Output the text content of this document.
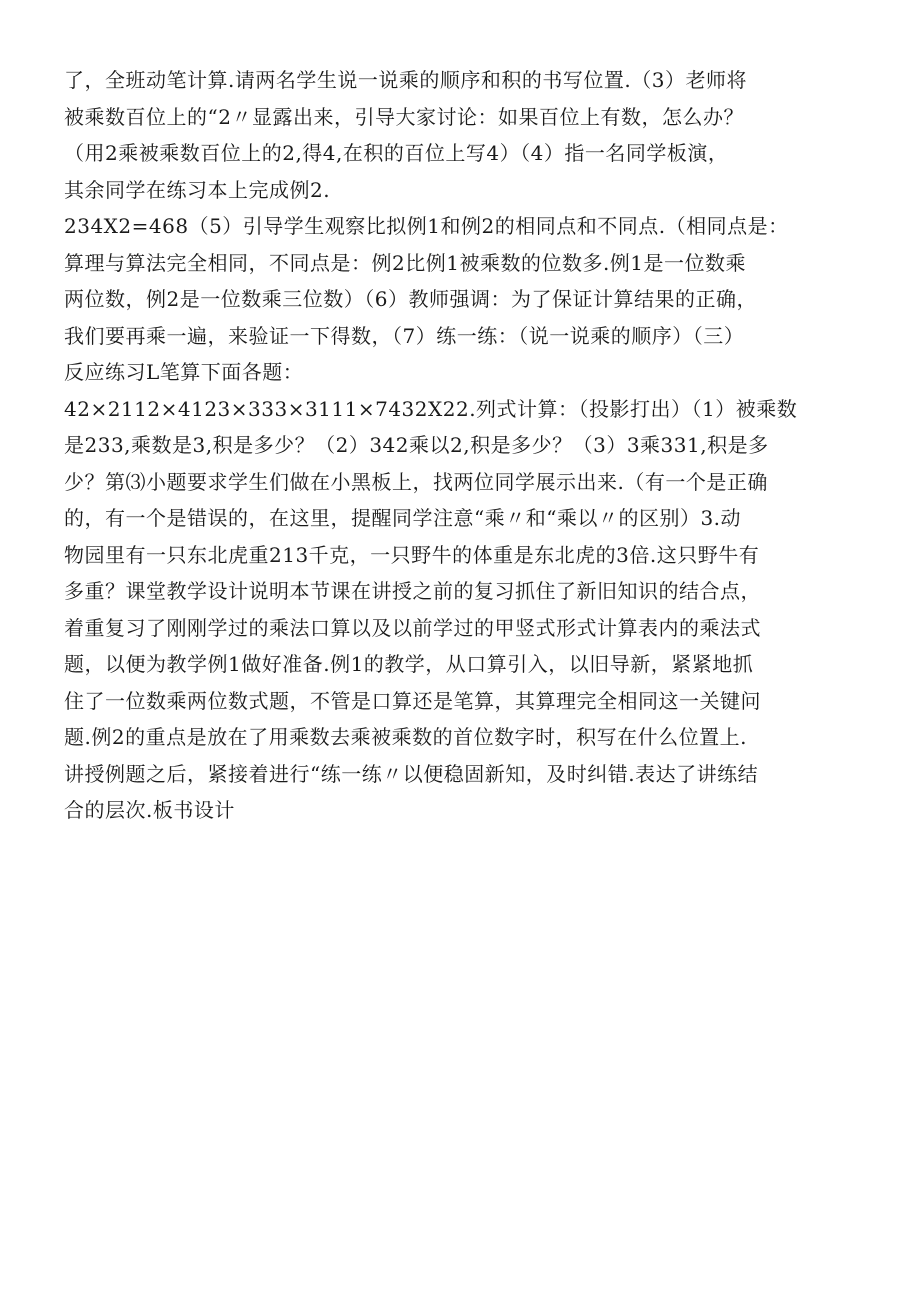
了，全班动笔计算.请两名学生说一说乘的顺序和积的书写位置.（3）老师将
被乘数百位上的“2〃显露出来，引导大家讨论：如果百位上有数，怎么办？
（用2乘被乘数百位上的2,得4,在积的百位上写4）（4）指一名同学板演，
其余同学在练习本上完成例2.
234X2=468（5）引导学生观察比拟例1和例2的相同点和不同点.（相同点是：
算理与算法完全相同，不同点是：例2比例1被乘数的位数多.例1是一位数乘
两位数，例2是一位数乘三位数）（6）教师强调：为了保证计算结果的正确，
我们要再乘一遍，来验证一下得数，（7）练一练：（说一说乘的顺序）（三）
反应练习L笔算下面各题：
42×2112×4123×333×3111×7432X22.列式计算：（投影打出）（1）被乘数
是233,乘数是3,积是多少？（2）342乘以2,积是多少？（3）3乘331,积是多
少？第⑶小题要求学生们做在小黑板上，找两位同学展示出来.（有一个是正确
的，有一个是错误的，在这里，提醒同学注意“乘〃和“乘以〃的区别）3.动
物园里有一只东北虎重213千克，一只野牛的体重是东北虎的3倍.这只野牛有
多重？课堂教学设计说明本节课在讲授之前的复习抓住了新旧知识的结合点，
着重复习了刚刚学过的乘法口算以及以前学过的甲竖式形式计算表内的乘法式
题，以便为教学例1做好准备.例1的教学，从口算引入，以旧导新，紧紧地抓
住了一位数乘两位数式题，不管是口算还是笔算，其算理完全相同这一关键问
题.例2的重点是放在了用乘数去乘被乘数的首位数字时，积写在什么位置上.
讲授例题之后，紧接着进行“练一练〃以便稳固新知，及时纠错.表达了讲练结
合的层次.板书设计
